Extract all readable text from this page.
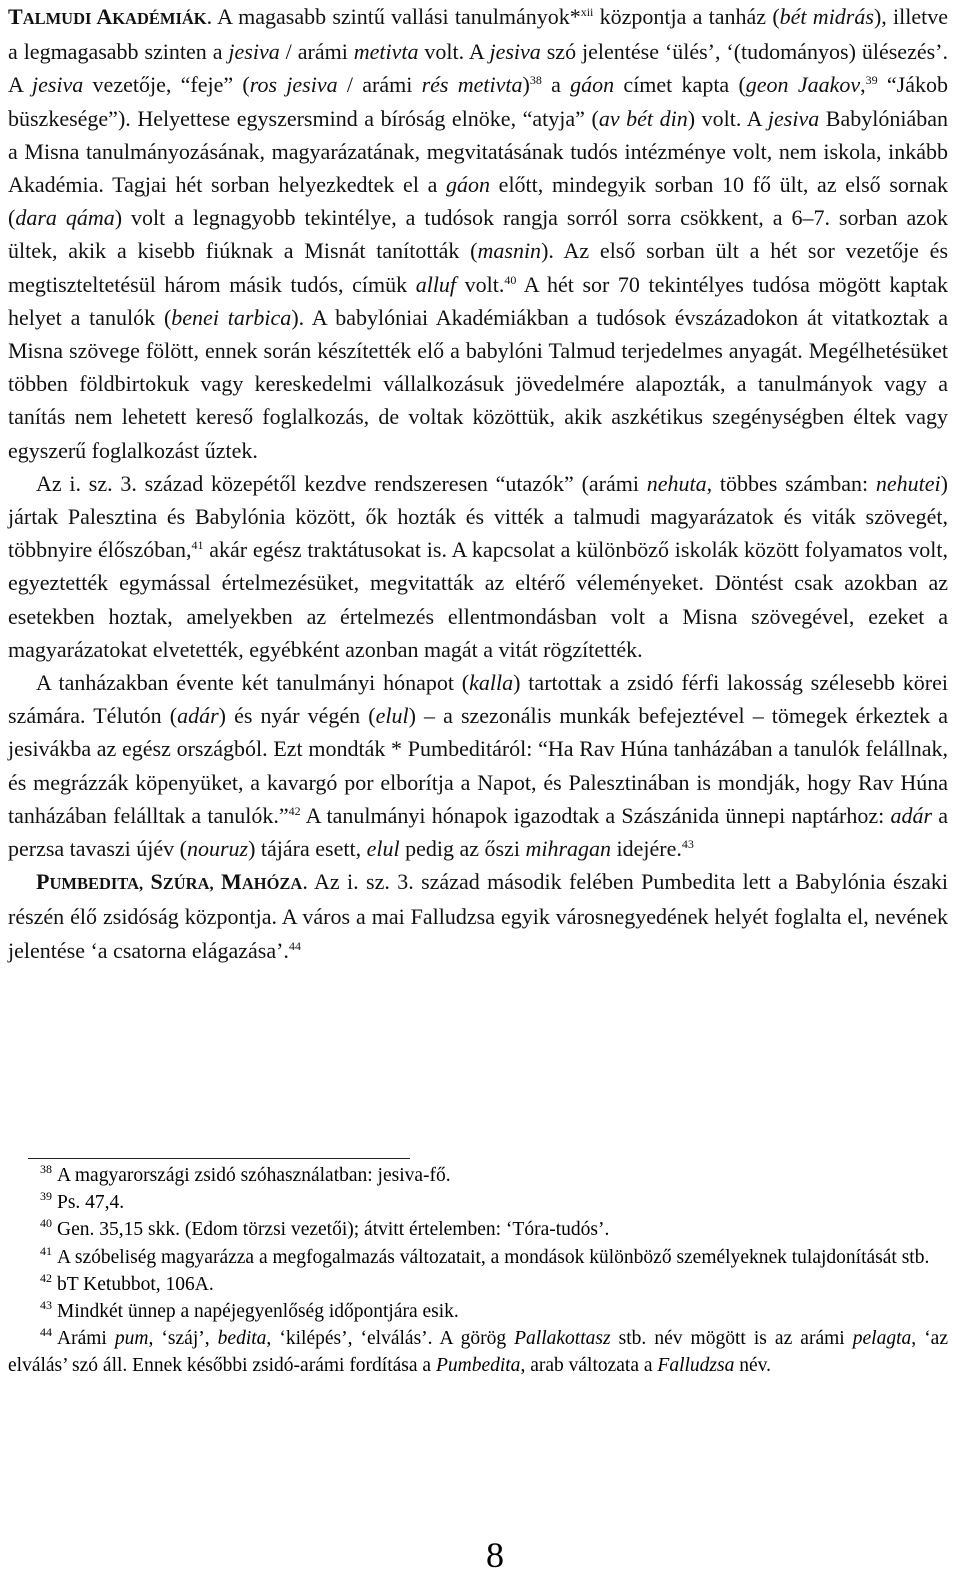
TALMUDI AKADÉMIÁK. A magasabb szintű vallási tanulmányok*$^{xii}$ központja a tanház (bét midrás), illetve a legmagasabb szinten a jesiva / arámi metivta volt. A jesiva szó jelentése ‘ülés’, ‘(tudományos) ülésezés’. A jesiva vezetője, “feje” (ros jesiva / arámi rés metivta)$^{38}$ a gáon címet kapta (geon Jaakov,$^{39}$ “Jákob büszkesége”). Helyettese egyszersmind a bíróság elnöke, “atyja” (av bét din) volt. A jesiva Babylóniában a Misna tanulmányozásának, magyarázatának, megvitatásának tudós intézménye volt, nem iskola, inkább Akadémia. Tagjai hét sorban helyezkedtek el a gáon előtt, mindegyik sorban 10 fő ült, az első sornak (dara qáma) volt a legnagyobb tekintélye, a tudósok rangja sorról sorra csökkent, a 6–7. sorban azok ültek, akik a kisebb fiúknak a Misnát tanították (masnin). Az első sorban ült a hét sor vezetője és megtiszteltetésül három másik tudós, címük alluf volt.$^{40}$ A hét sor 70 tekintélyes tudósa mögött kaptak helyet a tanulók (benei tarbica). A babylóniai Akadémiákban a tudósok évszázadokon át vitatkoztak a Misna szövege fölött, ennek során készítették elő a babylóni Talmud terjedelmes anyagát. Megélhetésüket többen földbirtokuk vagy kereskedelmi vállalkozásuk jövedelmére alapozták, a tanulmányok vagy a tanítás nem lehetett kereső foglalkozás, de voltak közöttük, akik aszkétikus szegénységben éltek vagy egyszerű foglalkozást űztek.

Az i. sz. 3. század közepétől kezdve rendszeresen “utazók” (arámi nehuta, többes számban: nehutei) jártak Palesztina és Babylónia között, ők hozták és vitték a talmudi magyarázatok és viták szövegét, többnyire élőszóban,$^{41}$ akár egész traktátusokat is. A kapcsolat a különböző iskolák között folyamatos volt, egyeztették egymással értelmezésüket, megvitatták az eltérő véleményeket. Döntést csak azokban az esetekben hoztak, amelyekben az értelmezés ellentmondásban volt a Misna szövegével, ezeket a magyarázatokat elvetették, egyébként azonban magát a vitát rögzítették.

A tanházakban évente két tanulmányi hónapot (kalla) tartottak a zsidó férfi lakosság szélesebb körei számára. Télutón (adár) és nyár végén (elul) – a szezonális munkák befejeztével – tömegek érkeztek a jesivákba az egész országból. Ezt mondták * Pumbeditáról: “Ha Rav Húna tanházában a tanulók felállnak, és megrázzák köpenyüket, a kavargó por elborítja a Napot, és Palesztinában is mondják, hogy Rav Húna tanházában felálltak a tanulók.”$^{42}$ A tanulmányi hónapok igazodtak a Szászánida ünnepi naptárhoz: adár a perzsa tavaszi újév (nouruz) tájára esett, elul pedig az őszi mihragan idejére.$^{43}$

PUMBEDITA, SZÚRA, MAHÓZA. Az i. sz. 3. század második felében Pumbedita lett a Babylónia északi részén élő zsidóság központja. A város a mai Falludzsa egyik városnegyedének helyét foglalta el, nevének jelentése ‘a csatorna elágazása’.$^{44}$

$^{38}$ A magyarországi zsidó szóhasználatban: jesiva-fő.

$^{39}$ Ps. 47,4.

$^{40}$ Gen. 35,15 skk. (Edom törzsi vezetői); átvitt értelemben: ‘Tóra-tudós’.

$^{41}$ A szóbeliség magyarázza a megfogalmazás változatait, a mondások különböző személyeknek tulajdonítását stb.

$^{42}$ bT Ketubbot, 106A.

$^{43}$ Mindkét ünnep a napéjegyenlőség időpontjára esik.

$^{44}$ Arámi pum, ‘száj’, bedita, ‘kilépés’, ‘elválás’. A görög Pallakottasz stb. név mögött is az arámi pelagta, ‘az elválás’ szó áll. Ennek későbbi zsidó-arámi fordítása a Pumbedita, arab változata a Falludzsa név.

8
